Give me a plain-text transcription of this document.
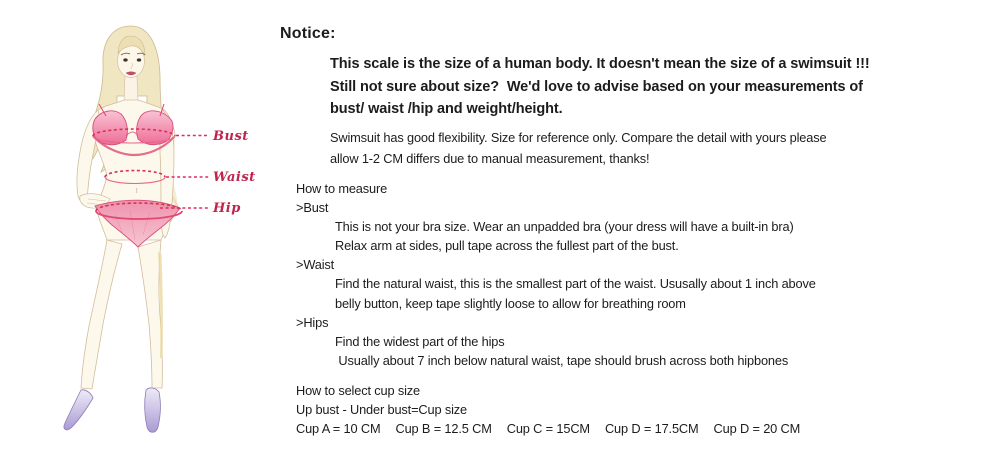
Bust
Waist
Hip
Notice:
This scale is the size of a human body. It doesn't mean the size of a swimsuit !!!
Still not sure about size?  We'd love to advise based on your measurements of
bust/ waist /hip and weight/height.
Swimsuit has good flexibility. Size for reference only. Compare the detail with yours please
allow 1-2 CM differs due to manual measurement, thanks!
How to measure
>Bust
This is not your bra size. Wear an unpadded bra (your dress will have a built-in bra)
Relax arm at sides, pull tape across the fullest part of the bust.
>Waist
Find the natural waist, this is the smallest part of the waist. Ususally about 1 inch above
belly button, keep tape slightly loose to allow for breathing room
>Hips
Find the widest part of the hips
Usually about 7 inch below natural waist, tape should brush across both hipbones
How to select cup size
Up bust - Under bust=Cup size
Cup A = 10 CM Cup B = 12.5 CM Cup C = 15CM Cup D = 17.5CM Cup D = 20 CM
